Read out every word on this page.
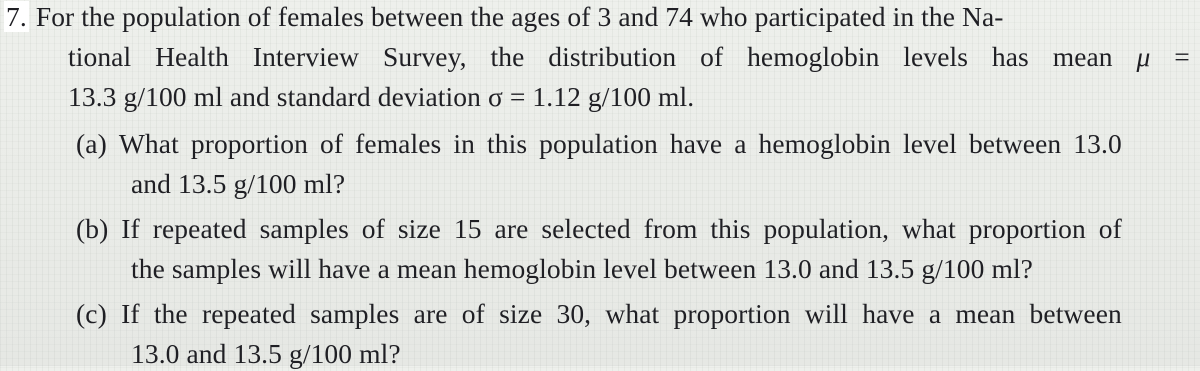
7. For the population of females between the ages of 3 and 74 who participated in the Na-
tional Health Interview Survey, the distribution of hemoglobin levels has mean μ =
13.3 g/100 ml and standard deviation σ = 1.12 g/100 ml.
(a) What proportion of females in this population have a hemoglobin level between 13.0
and 13.5 g/100 ml?
(b) If repeated samples of size 15 are selected from this population, what proportion of
the samples will have a mean hemoglobin level between 13.0 and 13.5 g/100 ml?
(c) If the repeated samples are of size 30, what proportion will have a mean between
13.0 and 13.5 g/100 ml?
